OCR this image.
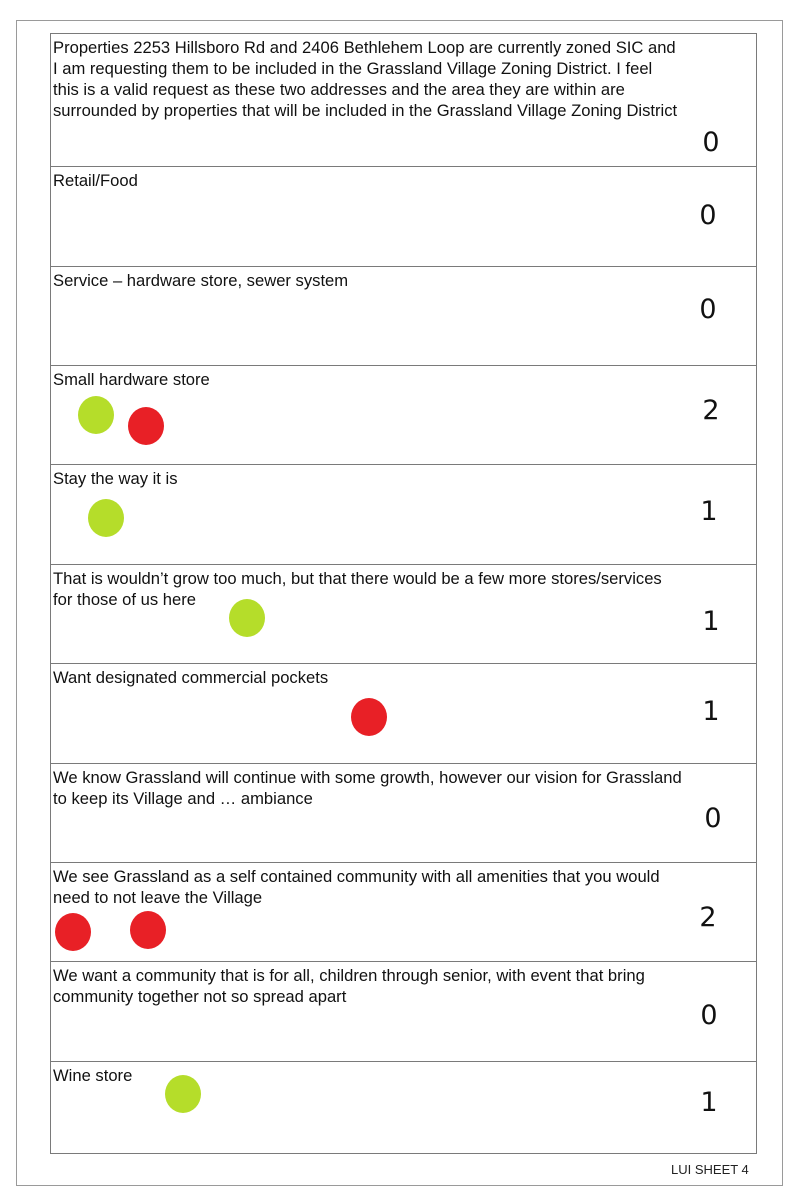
Properties 2253 Hillsboro Rd and 2406 Bethlehem Loop are currently zoned SIC and
I am requesting them to be included in the Grassland Village Zoning District. I feel
this is a valid request as these two addresses and the area they are within are
surrounded by properties that will be included in the Grassland Village Zoning District
0
Retail/Food
0
Service – hardware store, sewer system
0
Small hardware store
2
Stay the way it is
1
That is wouldn’t grow too much, but that there would be a few more stores/services
for those of us here
1
Want designated commercial pockets
1
We know Grassland will continue with some growth, however our vision for Grassland
to keep its Village and … ambiance
0
We see Grassland as a self contained community with all amenities that you would
need to not leave the Village
2
We want a community that is for all, children through senior, with event that bring
community together not so spread apart
0
Wine store
1
LUI SHEET 4
